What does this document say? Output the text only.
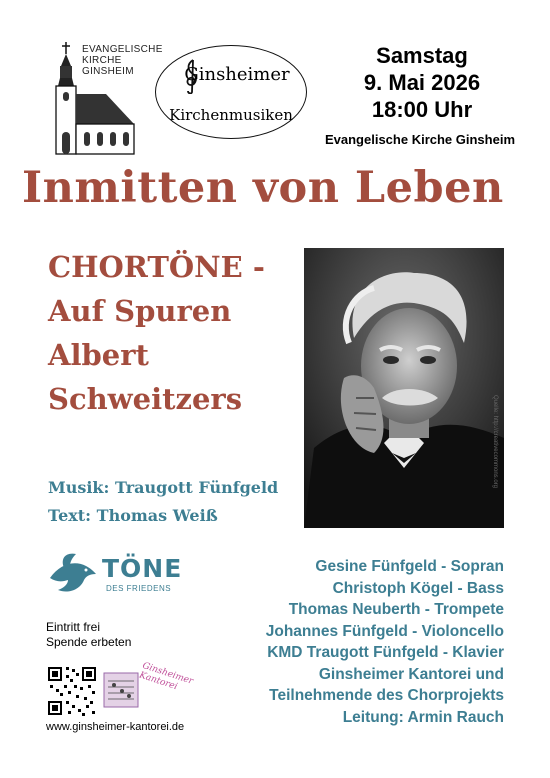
EVANGELISCHE
KIRCHE
GINSHEIM	Ginsheimer
Kirchenmusiken
Samstag
9. Mai 2026
18:00 Uhr
Evangelische Kirche Ginsheim
Inmitten von Leben
CHORTÖNE -
Auf Spuren
Albert
Schweitzers
Musik: Traugott Fünfgeld
Text: Thomas Weiß
Quelle: http://creativecommons.org
TÖNE
DES FRIEDENS
Eintritt frei
Spende erbeten
Ginsheimer Kantorei
www.ginsheimer-kantorei.de
Gesine Fünfgeld - Sopran
Christoph Kögel - Bass
Thomas Neuberth - Trompete
Johannes Fünfgeld - Violoncello
KMD Traugott Fünfgeld - Klavier
Ginsheimer Kantorei und
Teilnehmende des Chorprojekts
Leitung: Armin Rauch
